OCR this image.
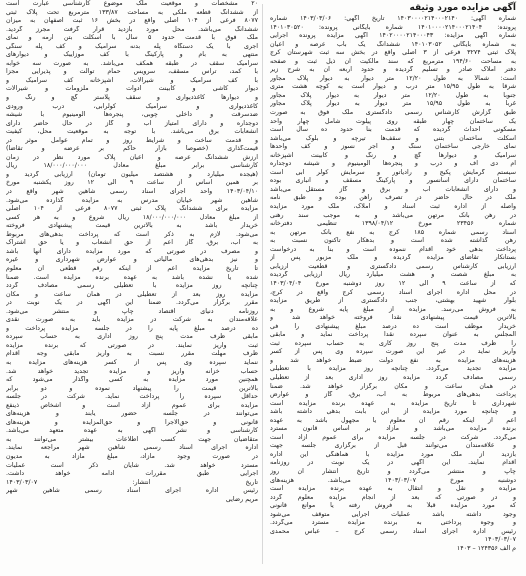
آگهی مزایده مورد وثیقه
شماره آگهی: ۱۴۰۳۰۰۰۰۲۱۴۰۰۰۲۱۴۰ تاریخ آگهی: ۱۴۰۳/۰۳/۰۶ شماره
پرونده: ۱۴۰۱۰۰۰۰۲۱۴۰۰۰۲۱۴۰۴ شماره بایگانی پرونده: ۱۴۰۱۰۳۰۵۲۰
شماره آگهی مزایده: ۱۴۰۲۰۰۰۰۲۱۴۰۰۰۴۳ آگهی مزایده پرونده اجرایی
به شماره بایگانی ۱۴۰۱۰۳۰۵۲ ششدانگ یک باب عرصه و اعیان
پلاک ثبتی ۳۲۷۴ فرعی از ۳ اصلی واقع در بخش سه ثبت شهرستان کرج
به مساحت ۱۹۴/۶۰ مترمربع که سند مالکیت آن ذیل ثبت و صفحه
دفتر املاک صادر و تسلیم گردیده و حدود اربعه آن به شرح زیر
است: شمالاً به طول ۱۲/۲۰ متر دیوار به دیوار پلاک مجاور
شرقاً به طول ۱۵/۹۵ متر درب و دیوار است به کوچه هشت متری
جنوباً به طول ۱۲/۲۰ متر دیوار به دیوار پلاک مجاور
غرباً به طول ۱۵/۹۵ متر دیوار به دیوار پلاک مجاور
طبق گزارش کارشناس رسمی دادگستری ملک فوق به صورت
یک ساختمان چهار طبقه روی پیلوت شامل چهار واحد
مسکونی احداث گردیده که قدمت بنا حدود ده سال است
اسکلت ساختمان بتنی و سقف‌ها تیرچه و بلوک می‌باشد
نمای خارجی ساختمان سنگ و آجر نسوز و کف واحدها
سرامیک و دیوارها گچ و رنگ و کابینت آشپزخانه
ام دی اف و درب و پنجره‌ها آلومینیوم و شیشه دوجداره
سیستم گرمایش پکیج و رادیاتور و سرمایش کولر آبی است
ساختمان دارای آسانسور و پارکینگ مسقف و انباری بوده
و دارای انشعابات آب و برق و گاز مستقل می‌باشد
ملک در حال حاضر در تصرف راهن بوده و طبق نامه
واصله از اداره ثبت اسناد و املاک، ملک مورد مزایده
در رهن بانک مرتهن می‌باشد و به موجب سند رهنی
شماره ۲۳۴۵۶ مورخ ۱۳۹۸/۰۴/۱۲ تنظیمی دفترخانه
اسناد رسمی شماره ۱۸۵ کرج به نفع بانک مرتهن به
رهن گذاشته شده است و بدهکار تاکنون نسبت به
پرداخت بدهی خود اقدام ننموده است و بنا به درخواست
بستانکار تقاضای مزایده گردیده و ملک مزبور پس از
ارزیابی کارشناس رسمی دادگستری و قطعیت ارزیابی
به مبلغ شصت و هشت میلیارد ریال ارزیابی گردیده
که از ساعت ۹ الی ۱۲ روز دوشنبه مورخ ۱۴۰۳/۰۴/۰۴
در محل اداره اجرای اسناد رسمی کرج واقع در کرج،
بلوار شهید بهشتی، جنب دادگستری از طریق مزایده
به فروش می‌رسد. مزایده از مبلغ پایه شروع و به
بالاترین قیمت پیشنهادی نقداً فروخته خواهد شد و
خریدار موظف است ده درصد مبلغ پیشنهادی را فی
المجلس به عنوان سپرده نقداً پرداخت نماید و مابقی
را ظرف مدت پنج روز کاری به حساب سپرده ثبت
واریز نماید در غیر این صورت سپرده وی پس از کسر
هزینه‌های مزایده به نفع دولت ضبط خواهد شد و
مزایده تجدید می‌گردد. چنانچه روز مزایده با تعطیلی
رسمی مصادف گردد مزایده روز اداری بعد از تعطیلی
در همان ساعت و مکان برگزار خواهد شد. ضمناً
پرداخت بدهی‌های مربوط به آب، برق، گاز و عوارض
شهرداری تا تاریخ مزایده به عهده برنده مزایده است
و چنانچه مورد مزایده از این بابت بدهی داشته باشد
اعم از اینکه رقم آن معلوم یا مجهول باشد به عهده
برنده مزایده می‌باشد و مازاد بر اساس قانون مسترد
می‌گردد. شرکت در جلسه مزایده برای عموم آزاد است
و علاقه‌مندان می‌توانند قبل از برگزاری جلسه جهت
بازدید از ملک مورد مزایده با هماهنگی این اداره
اقدام نمایند. این آگهی در یک نوبت در روزنامه
چاپ و منتشر می‌گردد و تاریخ انتشار آن روز
دوشنبه مورخ ۱۴۰۳/۰۳/۰۷ می‌باشد. هزینه‌های
مزایده و نقل و انتقال به عهده برنده مزایده است
و در صورتی که بعد از انجام مزایده معلوم گردد
که مورد مزایده قبلاً به فروش رفته یا موانع قانونی
وجود داشته باشد عملیات اجرایی متوقف می‌شود
و وجوه پرداختی به برنده مزایده مسترد می‌گردد.
رئیس اداره اجرای اسناد رسمی کرج – عباس محمدی
۱۴۰۳/۰۳/۰۷
م الف ۱۲۴۳۵۶ – ۱۴۰۳
۲۰ مشخصات و موقعیت ملک موضوع کارشناسی عبارت است
از ششدانگ قطعه ملکی به مساحت ۱۳۳/۸۷ مترمربع تحت پلاک ثبتی
۸۰۷۷ فرعی از ۱۰۴ اصلی واقع در بخش ۱۶ ثبت اصفهان به میزان
ششدانگ می‌باشد. محل مورد بازدید قرار گرفت مجرز گردید.
ملک فوق با قدمت حدود ۵ سال با اسکلت بتن آرمه و نمای
آجری با یک دستگاه پله بدنه سرامیک و کف پله سنگی
منتهی به بام و پارکینگ با کف موزاییک و دیوارهای
سرامیک سقف در طبقه همکف می‌باشد. به صورت سه خوابه
با کمد، تراس مسقف، سرویس حمام توالت و پذیرایی مجزا
با کف سرامیک و شیرآلات، آشپزخانه کف سرامیک و
دیوار کاشی و کابینت ادوات و ملزومات و شیرآلات
و دیوارها کاغذدیواری و سقف پلاستر گچ و رنگ و
کاغذدیواری و سرامیک کولرآبی، درب ورودی
ضدسرقت و داخلی چوبی، پنجره‌ها آلومینیوم با شیشه
دوجداره و دارای امتیاز آب و گاز در حال حاضر دارای
انشعابات برق می‌باشد. با توجه به موقعیت محل، کیفیت
و قدمت ساخت و شرایط روز و تمام عوامل موثر در
قیمت‌گذاری (خصوصاً بازار حاکم بر عرضه و تقاضا)
ارزش ششدانگ عرصه و اعیان پلاک مورد نظر در زمان
کارشناسی برابر مبلغ معادل ۱۸/۰۰۰/۰۰۰/۰۰۰ ریال
(هیجده میلیارد و هشتصد میلیون تومان) ارزیابی گردید و
بر همین اساس از ساعت ۹ الی ۱۲ روز یکشنبه مورخ
۱۴۰۳/۰۴/۱۰ واحد اجرای اسناد رسمی شاهین شهر واقع در
شاهین شهر خیابان مدرس به مزایده گذارده می‌شود.
مزایده برای ششدانگ پلاک ثبتی ۸۰۷۷ فرعی از ۱۰۴ اصلی
از مبلغ معادل ۱۸/۰۰۰/۰۰۰/۰۰۰ ریال شروع و به هر کسی
خریدار باشد به بالاترین قیمت پیشنهادی فروخته
می‌شود. لازم به ذکر است که پرداخت بدهی‌های مربوط
به آب، برق، گاز اعم از حق انشعاب و یا حق اشتراک
و مصرف در صورتی که مورد مزایده دارای آنها باشد
و نیز بدهی‌های مالیاتی و عوارض شهرداری و غیره
تا تاریخ مزایده اعم از اینکه رقم قطعی آن معلوم
شده یا نشده باشد به عهده برنده مزایده است. ضمناً
چنانچه روز مزایده با تعطیلی رسمی مصادف گردد
مزایده روز بعد از تعطیلی در همان ساعت و مکان
مقرر برگزار می‌گردد. ضمناً این آگهی در یک نوبت در
روزنامه دنیای اقتصاد چاپ و منتشر می‌شود.
علاقه‌مندان به شرکت در مزایده باید به صورت نقدی
ده درصد مبلغ پایه را در جلسه مزایده پرداخت و
مابقی ظرف مدت پنج روز اداری به حساب سپرده
ثبت واریز نمایند. در صورتی که برنده مزایده
ظرف مهلت مقرر نسبت به واریز مابقی وجه اقدام
ننماید سپرده وی پس از کسر هزینه‌های مزایده به
حساب خزانه واریز و مزایده تجدید خواهد شد.
همچنین مورد مزایده به کسی واگذار می‌شود که
بالاترین قیمت را پیشنهاد نموده و دو برابر
حداقل سپرده را پرداخت نماید. شرکت در جلسه
مزایده برای عموم آزاد است و اشخاص ذینفع
می‌توانند در جلسه حضور یابند و هزینه‌های
قانونی و حق‌الاجرا و حق‌المزایده و هزینه‌های
کارشناسی و نشر آگهی به عهده متعهد می‌باشد.
متقاضیان جهت کسب اطلاعات بیشتر می‌توانند به
اداره اجرای اسناد رسمی شاهین شهر مراجعه نمایند.
در صورت وجود مازاد، مبلغ مازاد به مدیون
مسترد خواهد شد. شایان ذکر است عملیات
اجرایی طبق مقررات ادامه خواهد داشت.
تاریخ انتشار: ۱۴۰۳/۰۳/۰۷
رئیس اداره اجرای اسناد رسمی شاهین شهر
مریم رضایی
